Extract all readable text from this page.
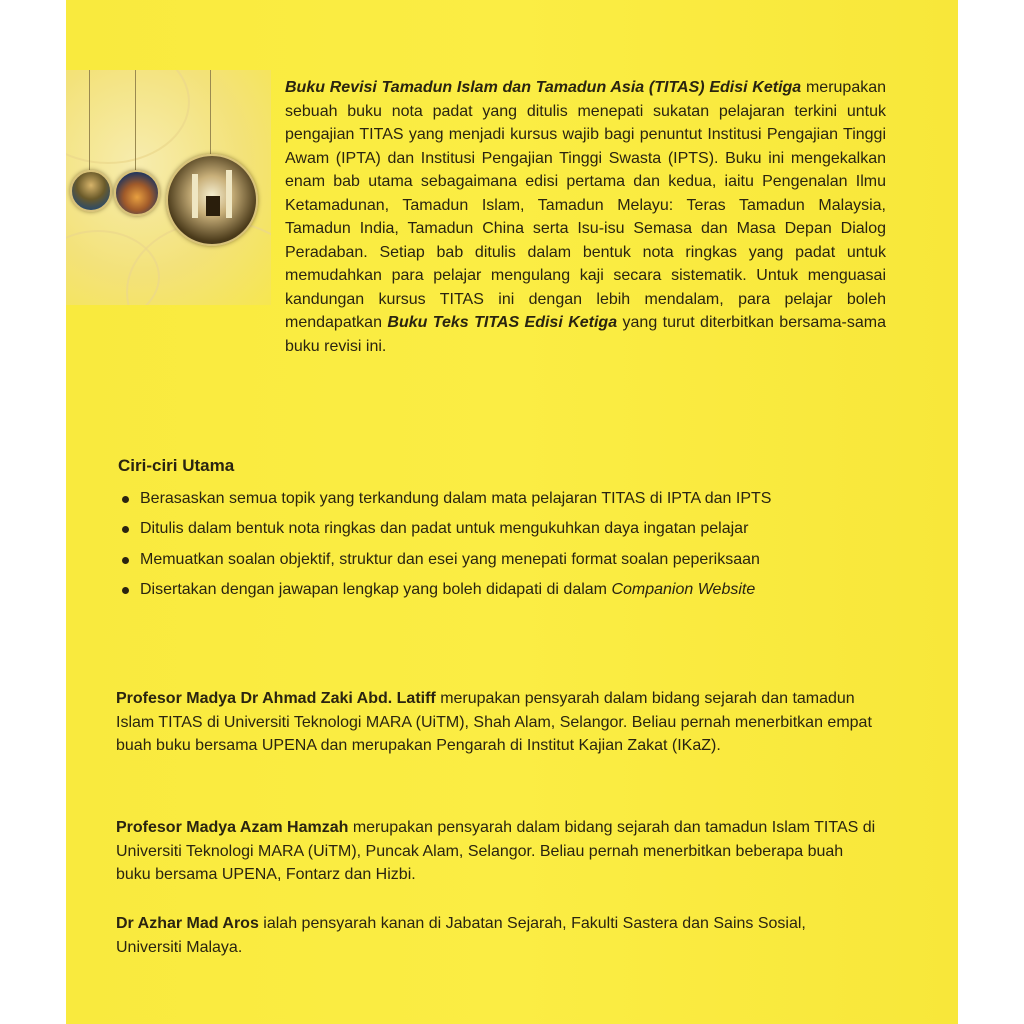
Buku Revisi Tamadun Islam dan Tamadun Asia (TITAS) Edisi Ketiga merupakan sebuah buku nota padat yang ditulis menepati sukatan pelajaran terkini untuk pengajian TITAS yang menjadi kursus wajib bagi penuntut Institusi Pengajian Tinggi Awam (IPTA) dan Institusi Pengajian Tinggi Swasta (IPTS). Buku ini mengekalkan enam bab utama sebagaimana edisi pertama dan kedua, iaitu Pengenalan Ilmu Ketamadunan, Tamadun Islam, Tamadun Melayu: Teras Tamadun Malaysia, Tamadun India, Tamadun China serta Isu-isu Semasa dan Masa Depan Dialog Peradaban. Setiap bab ditulis dalam bentuk nota ringkas yang padat untuk memudahkan para pelajar mengulang kaji secara sistematik. Untuk menguasai kandungan kursus TITAS ini dengan lebih mendalam, para pelajar boleh mendapatkan Buku Teks TITAS Edisi Ketiga yang turut diterbitkan bersama-sama buku revisi ini.

Ciri-ciri Utama
Berasaskan semua topik yang terkandung dalam mata pelajaran TITAS di IPTA dan IPTS
Ditulis dalam bentuk nota ringkas dan padat untuk mengukuhkan daya ingatan pelajar
Memuatkan soalan objektif, struktur dan esei yang menepati format soalan peperiksaan
Disertakan dengan jawapan lengkap yang boleh didapati di dalam Companion Website

Profesor Madya Dr Ahmad Zaki Abd. Latiff merupakan pensyarah dalam bidang sejarah dan tamadun Islam TITAS di Universiti Teknologi MARA (UiTM), Shah Alam, Selangor. Beliau pernah menerbitkan empat buah buku bersama UPENA dan merupakan Pengarah di Institut Kajian Zakat (IKaZ).

Profesor Madya Azam Hamzah merupakan pensyarah dalam bidang sejarah dan tamadun Islam TITAS di Universiti Teknologi MARA (UiTM), Puncak Alam, Selangor. Beliau pernah menerbitkan beberapa buah buku bersama UPENA, Fontarz dan Hizbi.

Dr Azhar Mad Aros ialah pensyarah kanan di Jabatan Sejarah, Fakulti Sastera dan Sains Sosial, Universiti Malaya.
